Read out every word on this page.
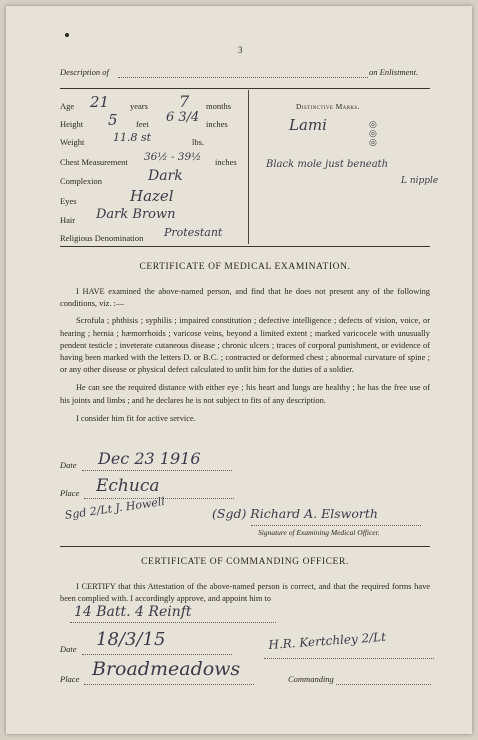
3
Description of	on Enlistment.
Age 21 years 7 months
Height 5 feet 6 3/4 inches
Weight	11.8 st	lbs.
Chest Measurement 36½ - 39½ inches
Complexion	Dark
Eyes	Hazel
Hair Dark Brown
Religious Denomination Protestant
Distinctive Marks.
Lami	◎
◎
◎
Black mole just beneath
L nipple
CERTIFICATE OF MEDICAL EXAMINATION.

I HAVE examined the above-named person, and find that he does not present any of the following conditions, viz. :—

Scrofula ; phthisis ; syphilis ; impaired constitution ; defective intelligence ; defects of vision, voice, or hearing ; hernia ; hæmorrhoids ; varicose veins, beyond a limited extent ; marked varicocele with unusually pendent testicle ; inveterate cutaneous disease ; chronic ulcers ; traces of corporal punishment, or evidence of having been marked with the letters D. or B.C. ; contracted or deformed chest ; abnormal curvature of spine ; or any other disease or physical defect calculated to unfit him for the duties of a soldier.

He can see the required distance with either eye ; his heart and lungs are healthy ; he has the free use of his joints and limbs ; and he declares he is not subject to fits of any description.

I consider him fit for active service.

Date Dec 23 1916
Place Echuca
Sgd 2/Lt J. Howell	(Sgd) Richard A. Elsworth
Signature of Examining Medical Officer.
CERTIFICATE OF COMMANDING OFFICER.
I CERTIFY that this Attestation of the above-named person is correct, and that the required forms have been complied with. I accordingly approve, and appoint him to
14 Batt. 4 Reinft
Date 18/3/15	H.R. Kertchley 2/Lt
Place Broadmeadows	Commanding
